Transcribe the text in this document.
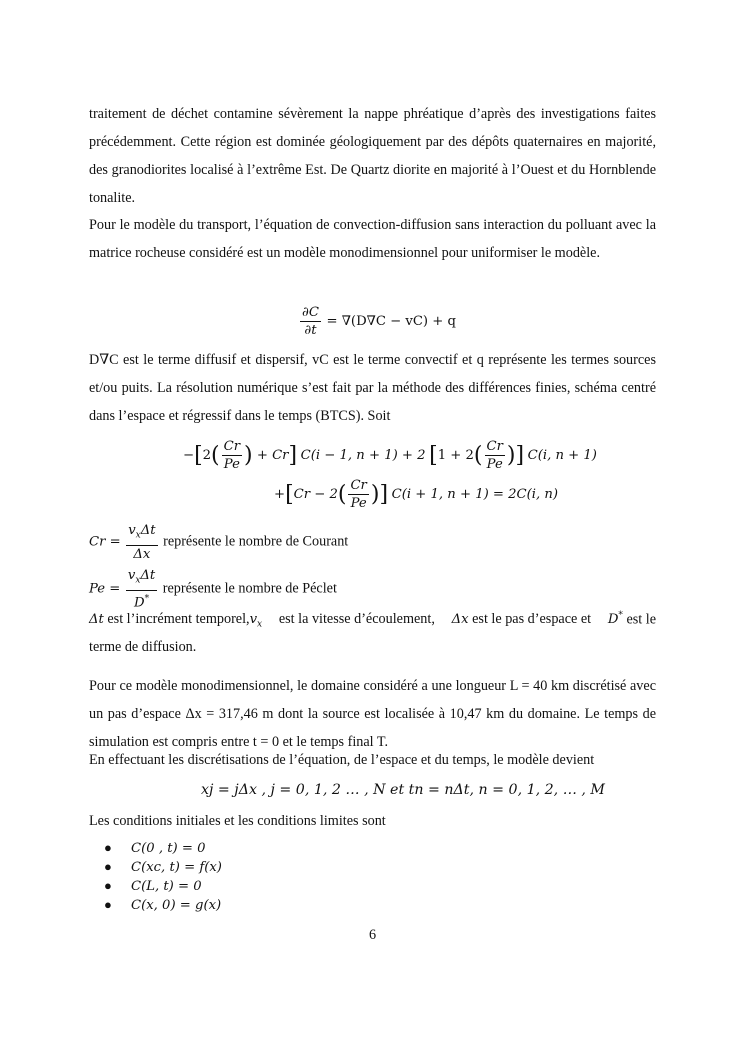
traitement de déchet contamine sévèrement la nappe phréatique d’après des investigations faites précédemment. Cette région est dominée géologiquement par des dépôts quaternaires en majorité, des granodiorites localisé à l’extrême Est. De Quartz diorite en majorité à l’Ouest et du Hornblende tonalite.

Pour le modèle du transport, l’équation de convection-diffusion sans interaction du polluant avec la matrice rocheuse considéré est un modèle monodimensionnel pour uniformiser le modèle.

$\frac{\partial C}{\partial t} = \nabla(D\nabla C - vC) + q$

D∇C est le terme diffusif et dispersif, vC est le terme convectif et q représente les termes sources et/ou puits. La résolution numérique s’est fait par la méthode des différences finies, schéma centré dans l’espace et régressif dans le temps (BTCS). Soit

$-[2( \frac{Cr}{Pe}$ ) + Cr] C(i − 1, n + 1) + 2 [$1 + 2( \frac{Cr}{Pe}$ )] C(i, n + 1)
$+[Cr - 2( \frac{Cr}{Pe}$ )] C(i + 1, n + 1) = 2C(i, n)
$Cr = \frac{v_x\Delta t}{\Delta x}$ représente le nombre de Courant
$Pe = \frac{v_x\Delta t}{D^*}$ représente le nombre de Péclet
Δt est l’incrément $temporel,v_x$ est la vitesse d’écoulement, Δx est le pas d’espace et D* est le
terme de diffusion.

Pour ce modèle monodimensionnel, le domaine considéré a une longueur L = 40 km discrétisé avec un pas d’espace Δx = 317,46 m dont la source est localisée à 10,47 km du domaine. Le temps de simulation est compris entre t = 0 et le temps final T.

En effectuant les discrétisations de l’équation, de l’espace et du temps, le modèle devient
xj = jΔx , j = 0, 1, 2 … , N et tn = nΔt, n = 0, 1, 2, … , M
Les conditions initiales et les conditions limites sont
● C(0 , t) = 0
● C(xc, t) = f(x)
● C(L, t) = 0
● C(x, 0) = g(x)
6
